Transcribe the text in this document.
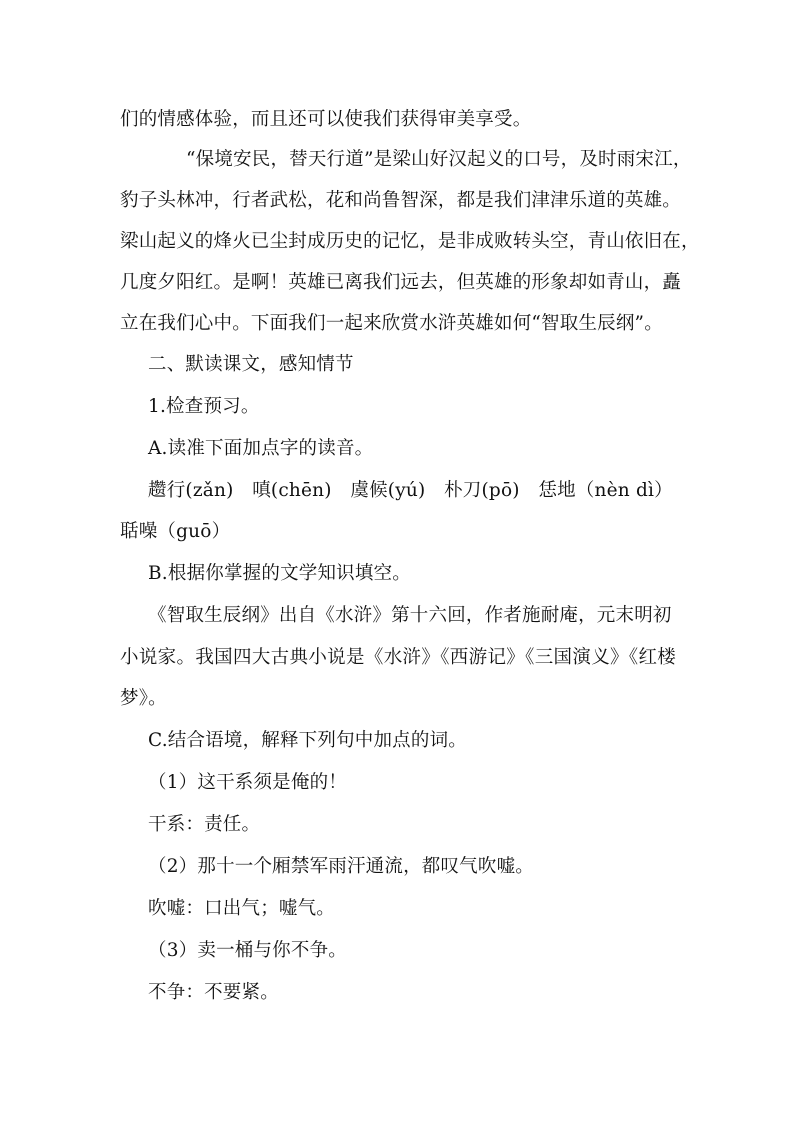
们的情感体验，而且还可以使我们获得审美享受。
“保境安民，替天行道”是梁山好汉起义的口号，及时雨宋江，
豹子头林冲，行者武松，花和尚鲁智深，都是我们津津乐道的英雄。
梁山起义的烽火已尘封成历史的记忆，是非成败转头空，青山依旧在，
几度夕阳红。是啊！英雄已离我们远去，但英雄的形象却如青山，矗
立在我们心中。下面我们一起来欣赏水浒英雄如何“智取生辰纲”。
二、默读课文，感知情节
1.检查预习。
A.读准下面加点字的读音。
趱行(zǎn)　嗔(chēn)　虞候(yú)　朴刀(pō)　恁地（nèn dì）
聒噪（guō）
B.根据你掌握的文学知识填空。
《智取生辰纲》出自《水浒》第十六回，作者施耐庵，元末明初
小说家。我国四大古典小说是《水浒》《西游记》《三国演义》《红楼
梦》。
C.结合语境，解释下列句中加点的词。
（1）这干系须是俺的！
干系：责任。
（2）那十一个厢禁军雨汗通流，都叹气吹嘘。
吹嘘：口出气；嘘气。
（3）卖一桶与你不争。
不争：不要紧。
